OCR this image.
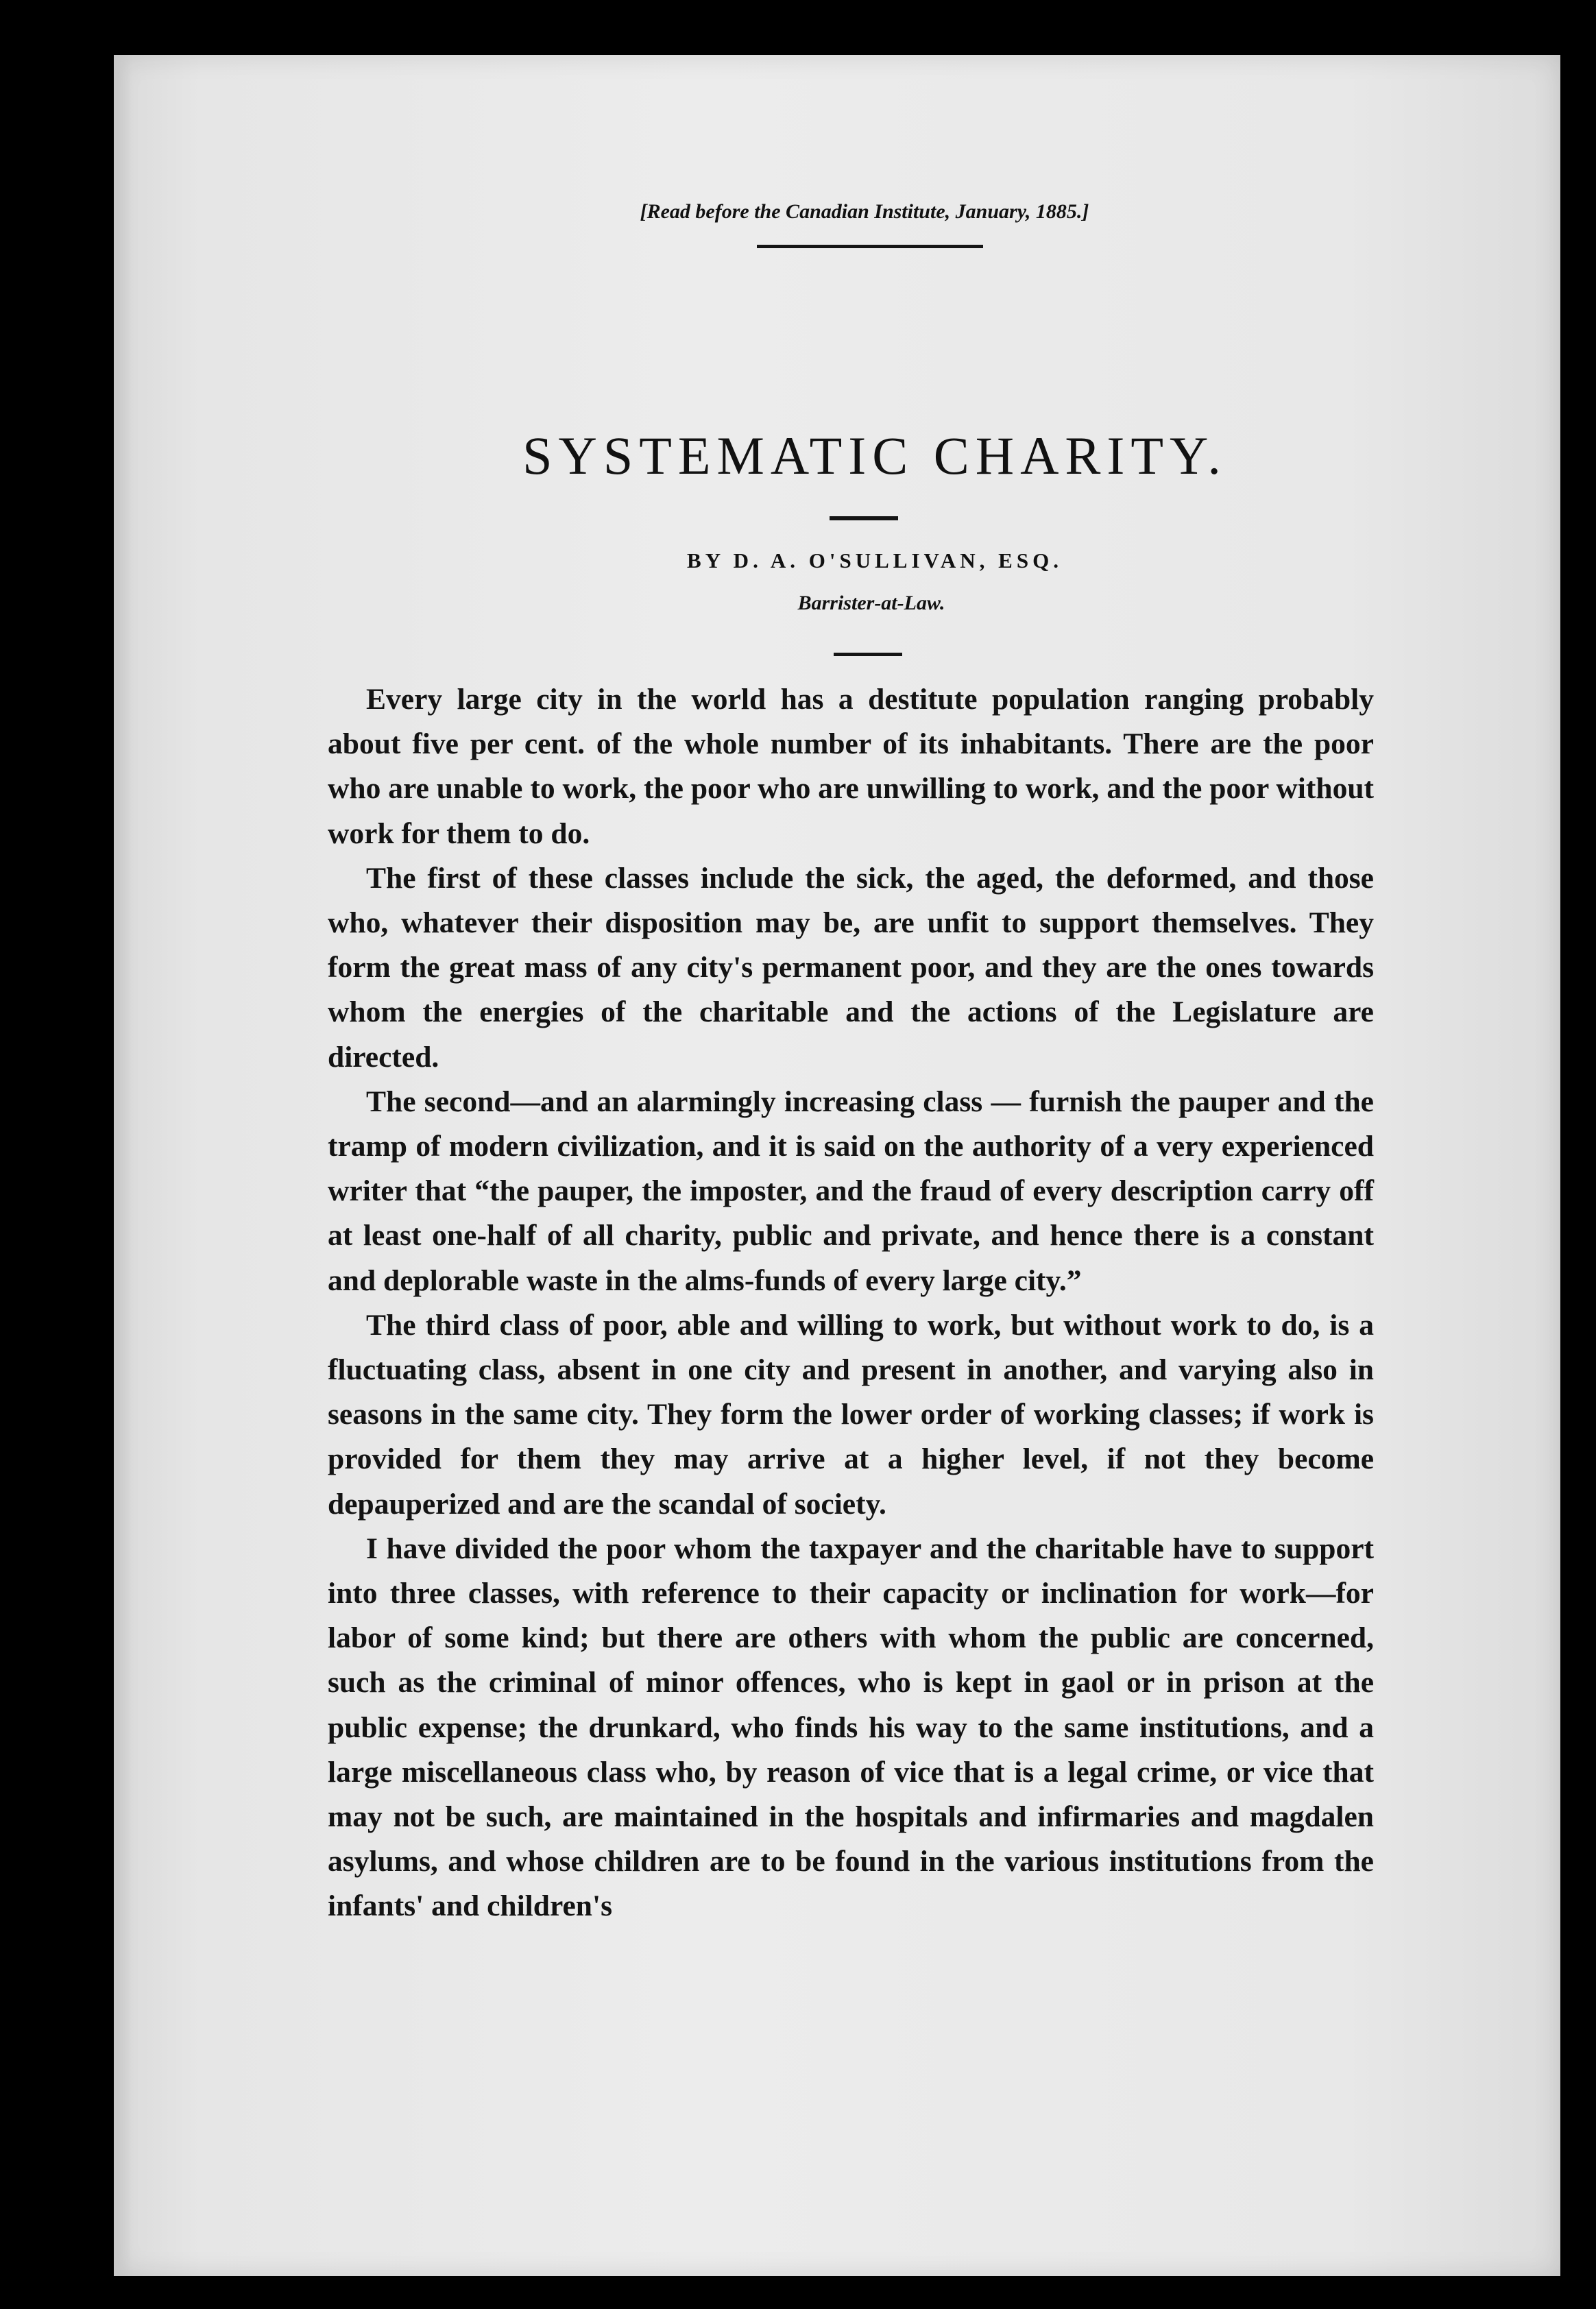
[Read before the Canadian Institute, January, 1885.]
SYSTEMATIC CHARITY.
BY D. A. O'SULLIVAN, ESQ.
Barrister-at-Law.

Every large city in the world has a destitute population ranging probably about five per cent. of the whole number of its inhabitants. There are the poor who are unable to work, the poor who are unwilling to work, and the poor without work for them to do.

The first of these classes include the sick, the aged, the deformed, and those who, whatever their disposition may be, are unfit to support themselves. They form the great mass of any city's permanent poor, and they are the ones towards whom the energies of the charitable and the actions of the Legislature are directed.

The second—and an alarmingly increasing class — furnish the pauper and the tramp of modern civilization, and it is said on the authority of a very experienced writer that “the pauper, the imposter, and the fraud of every description carry off at least one-half of all charity, public and private, and hence there is a constant and deplorable waste in the alms-funds of every large city.”

The third class of poor, able and willing to work, but without work to do, is a fluctuating class, absent in one city and present in another, and varying also in seasons in the same city. They form the lower order of working classes; if work is provided for them they may arrive at a higher level, if not they become depauperized and are the scandal of society.

I have divided the poor whom the taxpayer and the charitable have to support into three classes, with reference to their capacity or inclination for work—for labor of some kind; but there are others with whom the public are concerned, such as the criminal of minor offences, who is kept in gaol or in prison at the public expense; the drunkard, who finds his way to the same institutions, and a large miscellaneous class who, by reason of vice that is a legal crime, or vice that may not be such, are maintained in the hospitals and infirmaries and magdalen asylums, and whose children are to be found in the various institutions from the infants' and children's
